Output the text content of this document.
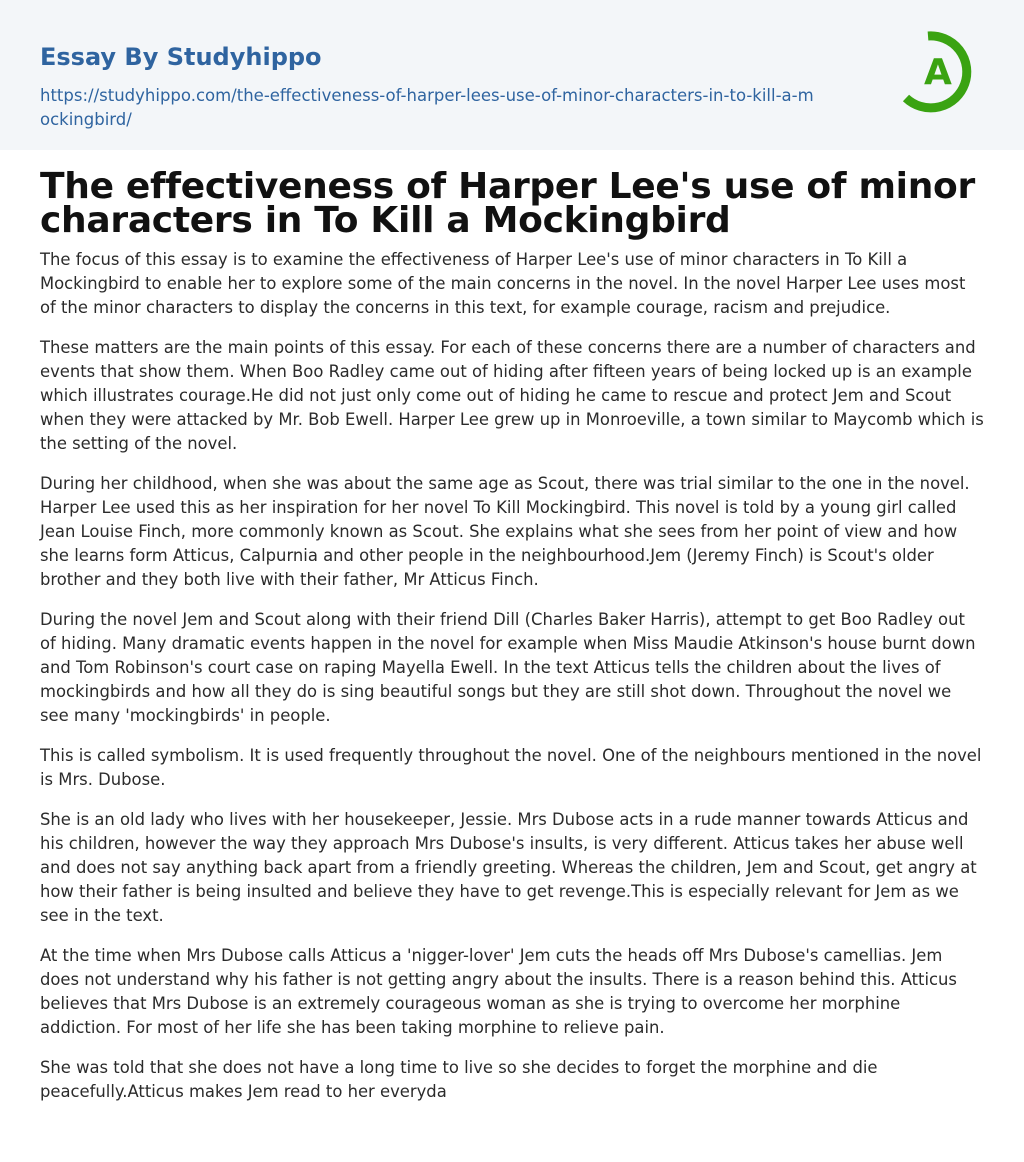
Essay By Studyhippo
https://studyhippo.com/the-effectiveness-of-harper-lees-use-of-minor-characters-in-to-kill-a-mockingbird/
A
The effectiveness of Harper Lee's use of minor characters in To Kill a Mockingbird

The focus of this essay is to examine the effectiveness of Harper Lee's use of minor characters in To Kill a Mockingbird to enable her to explore some of the main concerns in the novel. In the novel Harper Lee uses most of the minor characters to display the concerns in this text, for example courage, racism and prejudice.

These matters are the main points of this essay. For each of these concerns there are a number of characters and events that show them. When Boo Radley came out of hiding after fifteen years of being locked up is an example which illustrates courage.He did not just only come out of hiding he came to rescue and protect Jem and Scout when they were attacked by Mr. Bob Ewell. Harper Lee grew up in Monroeville, a town similar to Maycomb which is the setting of the novel.

During her childhood, when she was about the same age as Scout, there was trial similar to the one in the novel. Harper Lee used this as her inspiration for her novel To Kill Mockingbird. This novel is told by a young girl called Jean Louise Finch, more commonly known as Scout. She explains what she sees from her point of view and how she learns form Atticus, Calpurnia and other people in the neighbourhood.Jem (Jeremy Finch) is Scout's older brother and they both live with their father, Mr Atticus Finch.

During the novel Jem and Scout along with their friend Dill (Charles Baker Harris), attempt to get Boo Radley out of hiding. Many dramatic events happen in the novel for example when Miss Maudie Atkinson's house burnt down and Tom Robinson's court case on raping Mayella Ewell. In the text Atticus tells the children about the lives of mockingbirds and how all they do is sing beautiful songs but they are still shot down. Throughout the novel we see many 'mockingbirds' in people.

This is called symbolism. It is used frequently throughout the novel. One of the neighbours mentioned in the novel is Mrs. Dubose.

She is an old lady who lives with her housekeeper, Jessie. Mrs Dubose acts in a rude manner towards Atticus and his children, however the way they approach Mrs Dubose's insults, is very different. Atticus takes her abuse well and does not say anything back apart from a friendly greeting. Whereas the children, Jem and Scout, get angry at how their father is being insulted and believe they have to get revenge.This is especially relevant for Jem as we see in the text.

At the time when Mrs Dubose calls Atticus a 'nigger-lover' Jem cuts the heads off Mrs Dubose's camellias. Jem does not understand why his father is not getting angry about the insults. There is a reason behind this. Atticus believes that Mrs Dubose is an extremely courageous woman as she is trying to overcome her morphine addiction. For most of her life she has been taking morphine to relieve pain.

She was told that she does not have a long time to live so she decides to forget the morphine and die peacefully.Atticus makes Jem read to her everyda
